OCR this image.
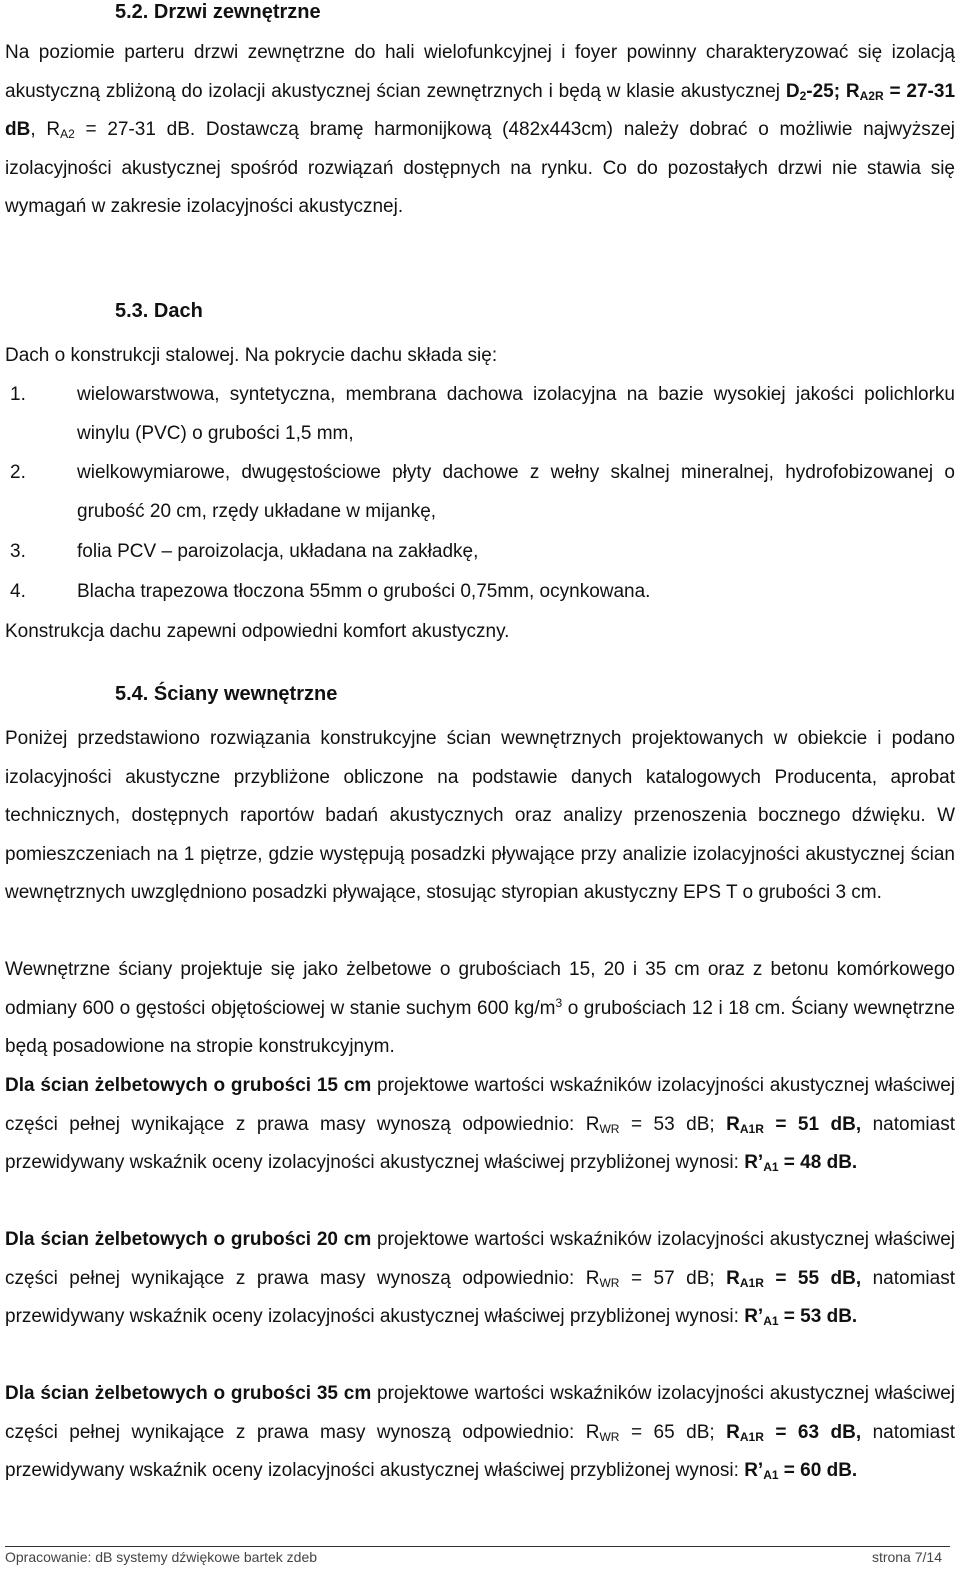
5.2. Drzwi zewnętrzne

Na poziomie parteru drzwi zewnętrzne do hali wielofunkcyjnej i foyer powinny charakteryzować się izolacją akustyczną zbliżoną do izolacji akustycznej ścian zewnętrznych i będą w klasie akustycznej $D_2-25$; $R_{A2R} = 27-31$ dB, $R_{A2} = 27-31$ dB. Dostawczą bramę harmonijkową (482x443cm) należy dobrać o możliwie najwyższej izolacyjności akustycznej spośród rozwiązań dostępnych na rynku. Co do pozostałych drzwi nie stawia się wymagań w zakresie izolacyjności akustycznej.

5.3. Dach
Dach o konstrukcji stalowej. Na pokrycie dachu składa się:
1.	wielowarstwowa, syntetyczna, membrana dachowa izolacyjna na bazie wysokiej jakości polichlorku winylu (PVC) o grubości 1,5 mm,

2.	wielkowymiarowe, dwugęstościowe płyty dachowe z wełny skalnej mineralnej, hydrofobizowanej o grubość 20 cm, rzędy układane w mijankę,

3.	folia PCV – paroizolacja, układana na zakładkę,

4.	Blacha trapezowa tłoczona 55mm o grubości 0,75mm, ocynkowana.

Konstrukcja dachu zapewni odpowiedni komfort akustyczny.
5.4. Ściany wewnętrzne

Poniżej przedstawiono rozwiązania konstrukcyjne ścian wewnętrznych projektowanych w obiekcie i podano izolacyjności akustyczne przybliżone obliczone na podstawie danych katalogowych Producenta, aprobat technicznych, dostępnych raportów badań akustycznych oraz analizy przenoszenia bocznego dźwięku. W pomieszczeniach na 1 piętrze, gdzie występują posadzki pływające przy analizie izolacyjności akustycznej ścian wewnętrznych uwzględniono posadzki pływające, stosując styropian akustyczny EPS T o grubości 3 cm.

Wewnętrzne ściany projektuje się jako żelbetowe o grubościach 15, 20 i 35 cm oraz z betonu komórkowego odmiany 600 o gęstości objętościowej w stanie suchym 600 $kg/m^3$ o grubościach 12 i 18 cm. Ściany wewnętrzne będą posadowione na stropie konstrukcyjnym.

Dla ścian żelbetowych o grubości 15 cm projektowe wartości wskaźników izolacyjności akustycznej właściwej części pełnej wynikające z prawa masy wynoszą odpowiednio: $R_{WR} = 53$ dB; $R_{A1R} = 51$ dB, natomiast przewidywany wskaźnik oceny izolacyjności akustycznej właściwej przybliżonej wynosi: $R’_{A1} = 48$ dB.

Dla ścian żelbetowych o grubości 20 cm projektowe wartości wskaźników izolacyjności akustycznej właściwej części pełnej wynikające z prawa masy wynoszą odpowiednio: $R_{WR} = 57$ dB; $R_{A1R} = 55$ dB, natomiast przewidywany wskaźnik oceny izolacyjności akustycznej właściwej przybliżonej wynosi: $R’_{A1} = 53$ dB.

Dla ścian żelbetowych o grubości 35 cm projektowe wartości wskaźników izolacyjności akustycznej właściwej części pełnej wynikające z prawa masy wynoszą odpowiednio: $R_{WR} = 65$ dB; $R_{A1R} = 63$ dB, natomiast przewidywany wskaźnik oceny izolacyjności akustycznej właściwej przybliżonej wynosi: $R’_{A1} = 60$ dB.

Opracowanie: dB systemy dźwiękowe bartek zdeb	strona 7/14
